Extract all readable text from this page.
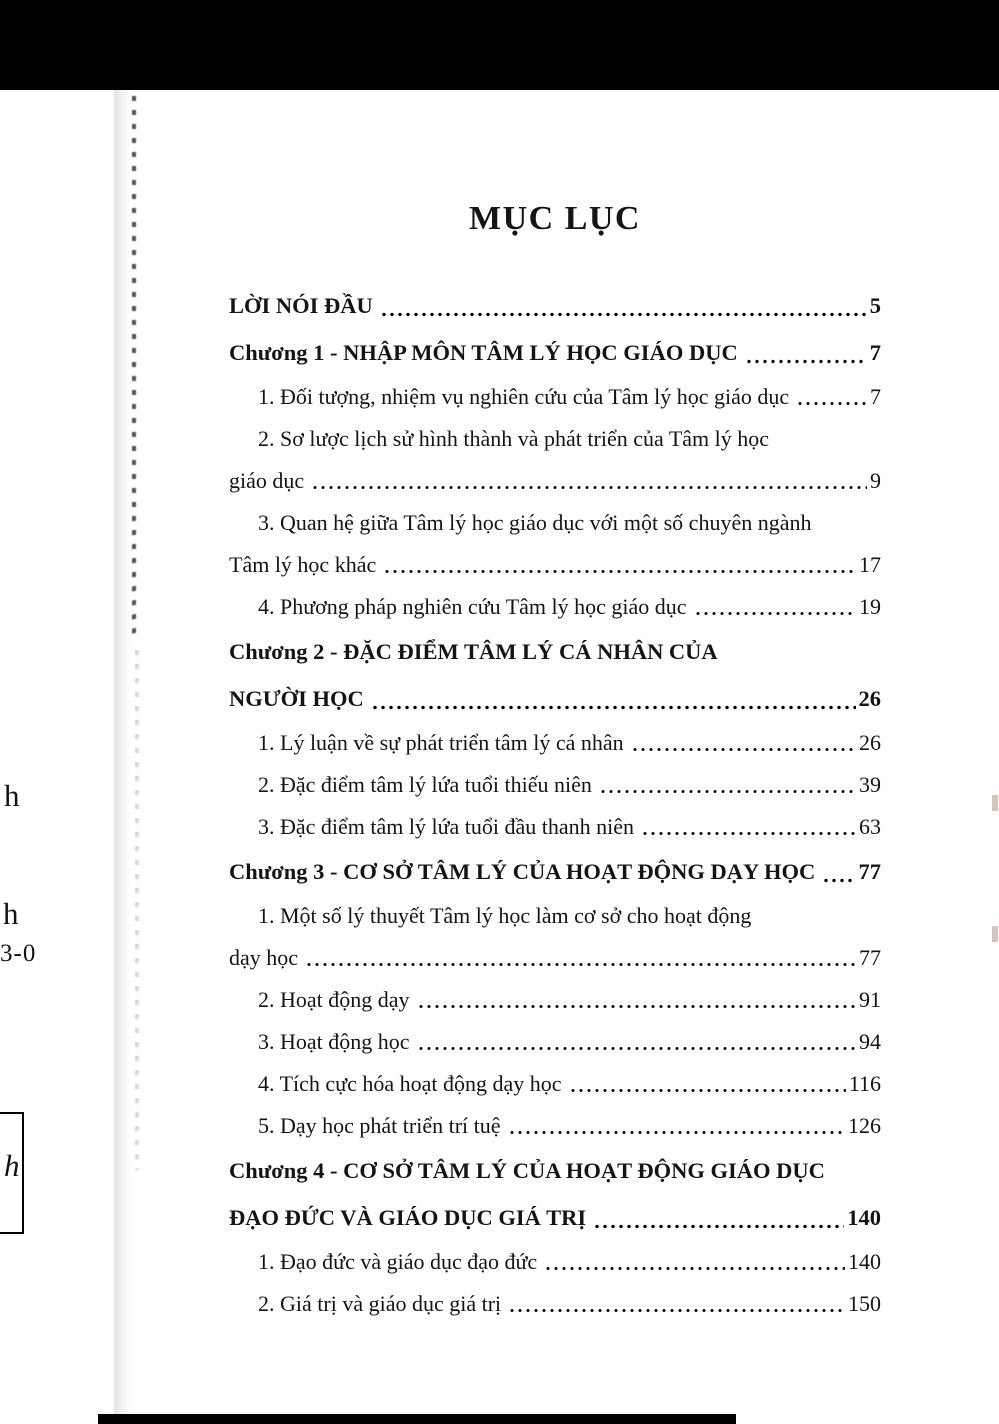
h
h
3-0
h
MỤC LỤC
LỜI NÓI ĐẦU	5
Chương 1 - NHẬP MÔN TÂM LÝ HỌC GIÁO DỤC	7
1. Đối tượng, nhiệm vụ nghiên cứu của Tâm lý học giáo dục	7
2. Sơ lược lịch sử hình thành và phát triển của Tâm lý học
giáo dục	9
3. Quan hệ giữa Tâm lý học giáo dục với một số chuyên ngành
Tâm lý học khác	17
4. Phương pháp nghiên cứu Tâm lý học giáo dục	19
Chương 2 - ĐẶC ĐIỂM TÂM LÝ CÁ NHÂN CỦA
NGƯỜI HỌC	26
1. Lý luận về sự phát triển tâm lý cá nhân	26
2. Đặc điểm tâm lý lứa tuổi thiếu niên	39
3. Đặc điểm tâm lý lứa tuổi đầu thanh niên	63
Chương 3 - CƠ SỞ TÂM LÝ CỦA HOẠT ĐỘNG DẠY HỌC 77
1. Một số lý thuyết Tâm lý học làm cơ sở cho hoạt động
dạy học	77
2. Hoạt động dạy	91
3. Hoạt động học	94
4. Tích cực hóa hoạt động dạy học	116
5. Dạy học phát triển trí tuệ	126
Chương 4 - CƠ SỞ TÂM LÝ CỦA HOẠT ĐỘNG GIÁO DỤC
ĐẠO ĐỨC VÀ GIÁO DỤC GIÁ TRỊ	140
1. Đạo đức và giáo dục đạo đức	140
2. Giá trị và giáo dục giá trị	150
